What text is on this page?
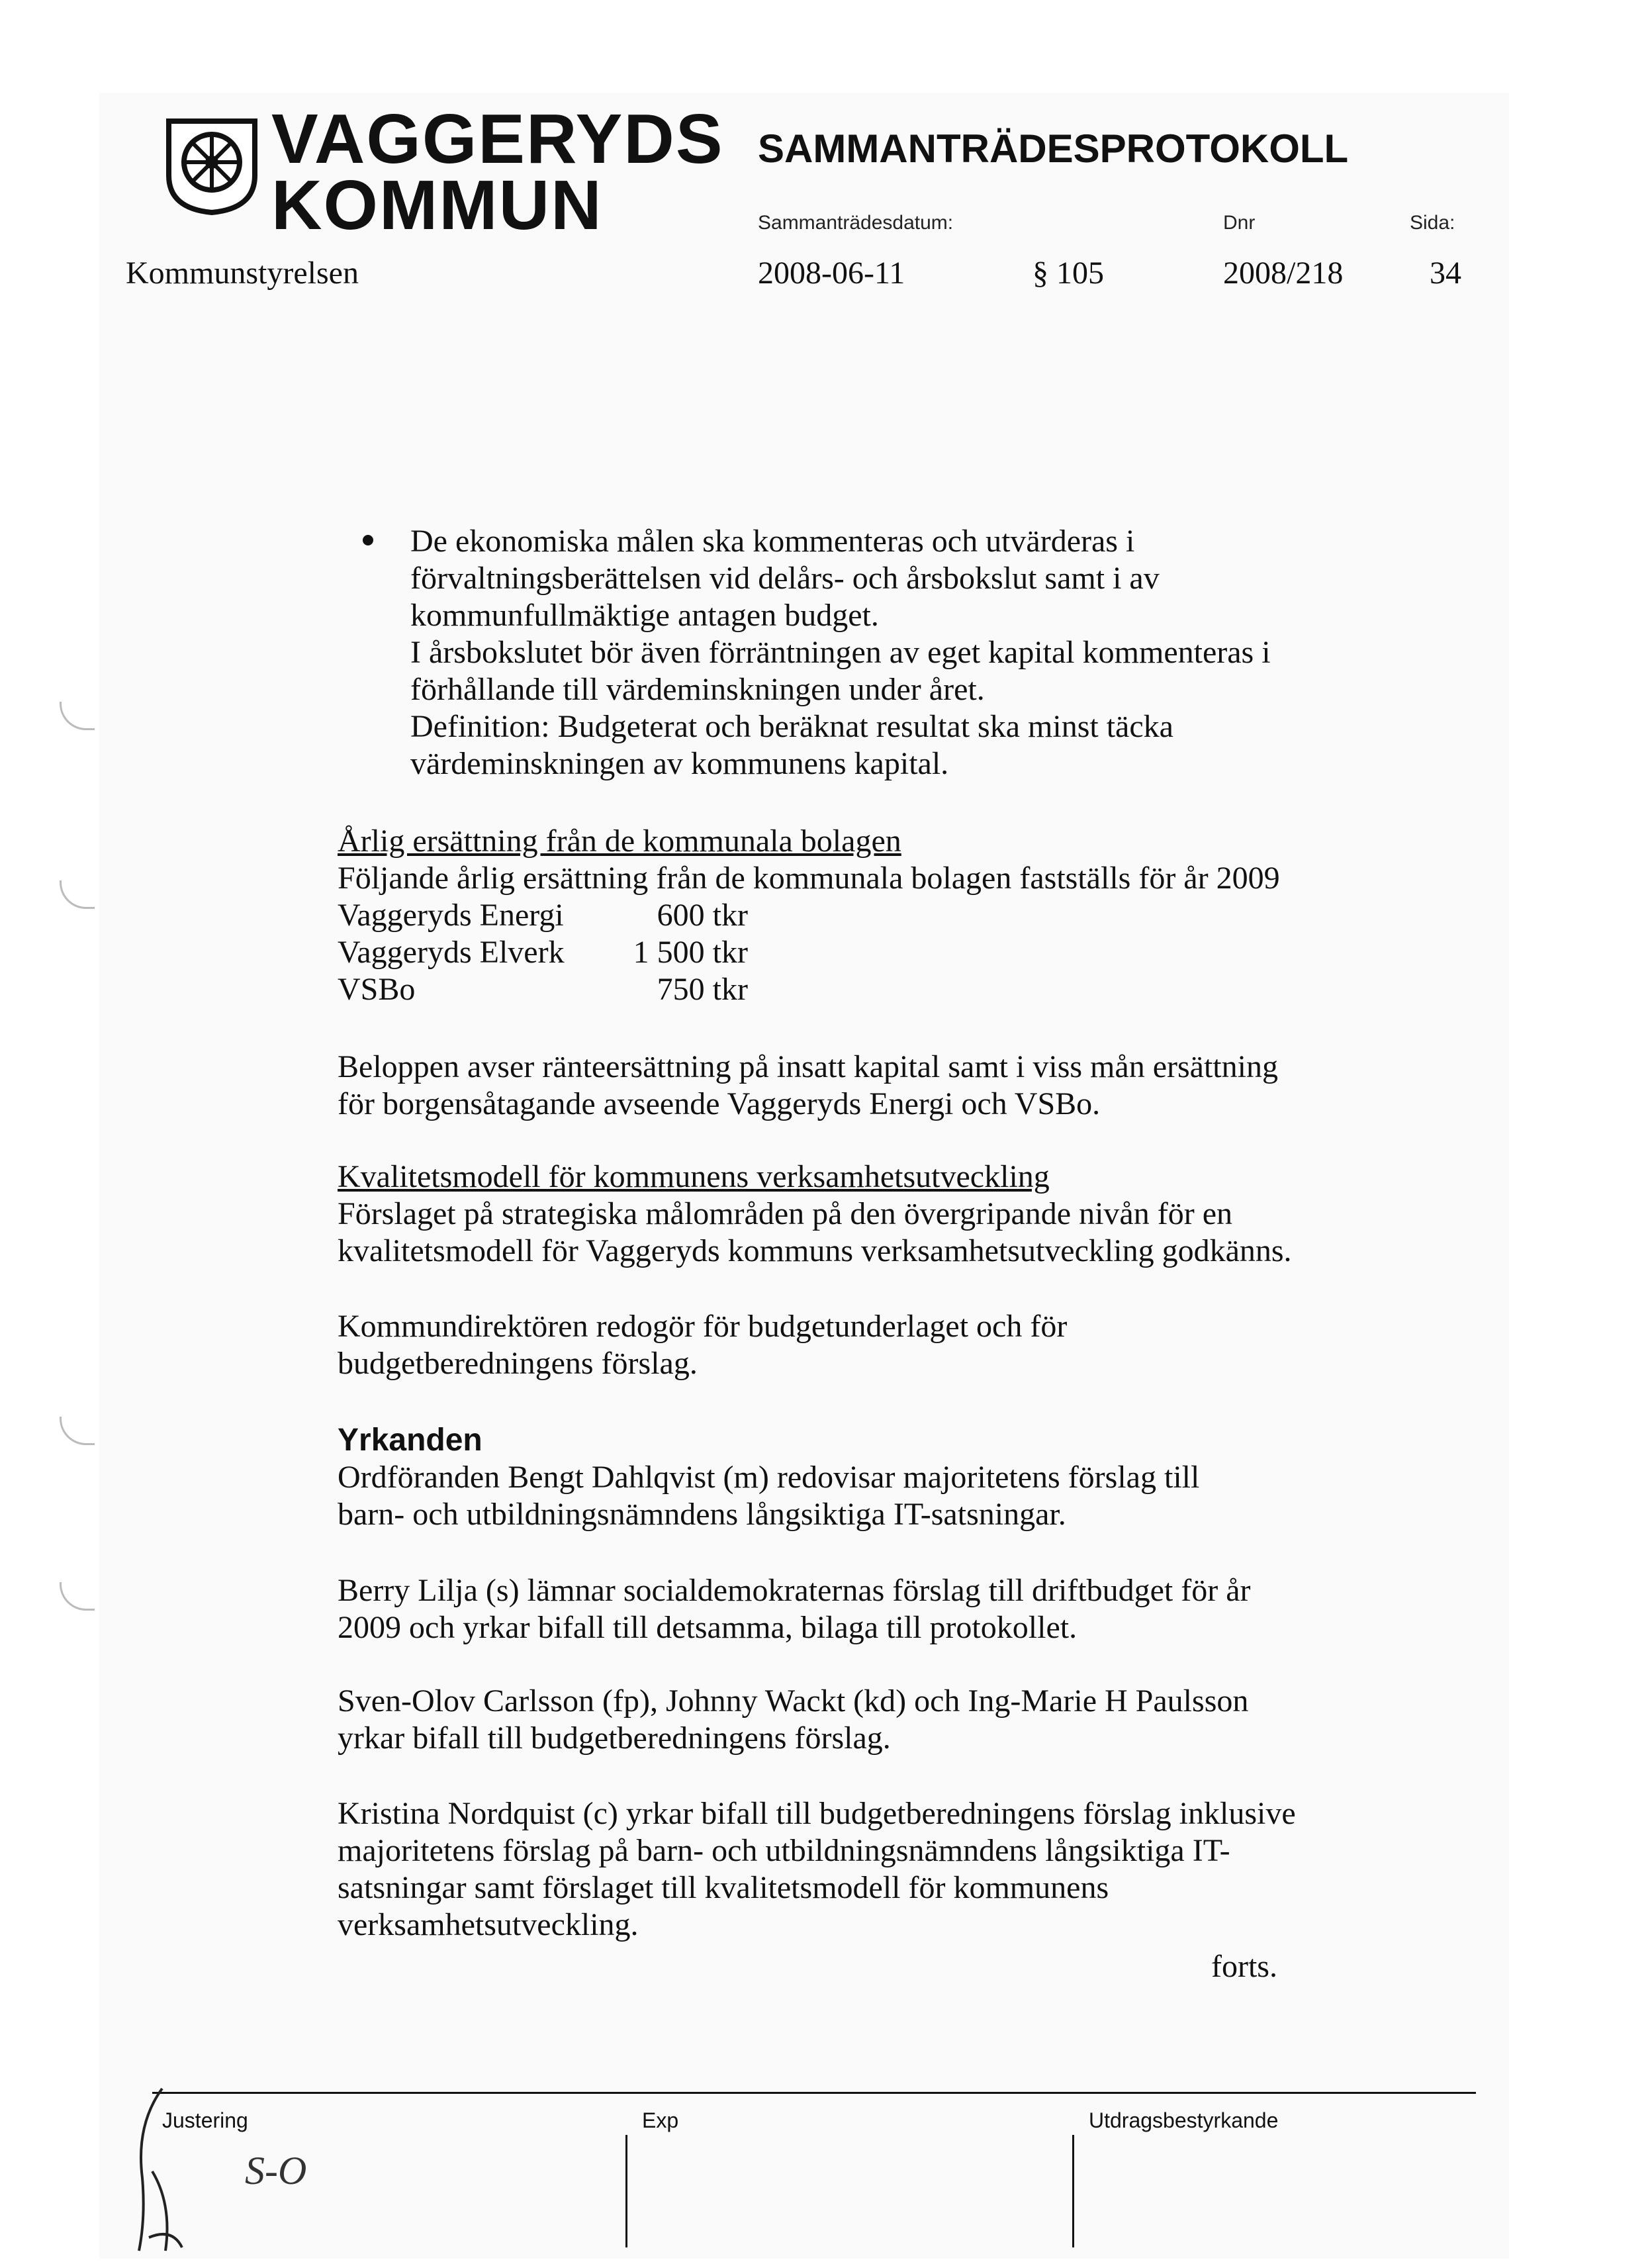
VAGGERYDS
KOMMUN
SAMMANTRÄDESPROTOKOLL
Sammanträdesdatum:	Dnr	Sida:
Kommunstyrelsen	2008-06-11	§ 105	2008/218	34
De ekonomiska målen ska kommenteras och utvärderas i
förvaltningsberättelsen vid delårs- och årsbokslut samt i av
kommunfullmäktige antagen budget.
I årsbokslutet bör även förräntningen av eget kapital kommenteras i
förhållande till värdeminskningen under året.
Definition: Budgeterat och beräknat resultat ska minst täcka
värdeminskningen av kommunens kapital.
Årlig ersättning från de kommunala bolagen
Följande årlig ersättning från de kommunala bolagen fastställs för år 2009
Vaggeryds Energi	600 tkr
Vaggeryds Elverk	1 500 tkr
VSBo	750 tkr
Beloppen avser ränteersättning på insatt kapital samt i viss mån ersättning
för borgensåtagande avseende Vaggeryds Energi och VSBo.
Kvalitetsmodell för kommunens verksamhetsutveckling
Förslaget på strategiska målområden på den övergripande nivån för en
kvalitetsmodell för Vaggeryds kommuns verksamhetsutveckling godkänns.
Kommundirektören redogör för budgetunderlaget och för
budgetberedningens förslag.
Yrkanden
Ordföranden Bengt Dahlqvist (m) redovisar majoritetens förslag till
barn- och utbildningsnämndens långsiktiga IT-satsningar.
Berry Lilja (s) lämnar socialdemokraternas förslag till driftbudget för år
2009 och yrkar bifall till detsamma, bilaga till protokollet.
Sven-Olov Carlsson (fp), Johnny Wackt (kd) och Ing-Marie H Paulsson
yrkar bifall till budgetberedningens förslag.
Kristina Nordquist (c) yrkar bifall till budgetberedningens förslag inklusive
majoritetens förslag på barn- och utbildningsnämndens långsiktiga IT-
satsningar samt förslaget till kvalitetsmodell för kommunens
verksamhetsutveckling.
forts.
Justering	Exp	Utdragsbestyrkande
S-O
